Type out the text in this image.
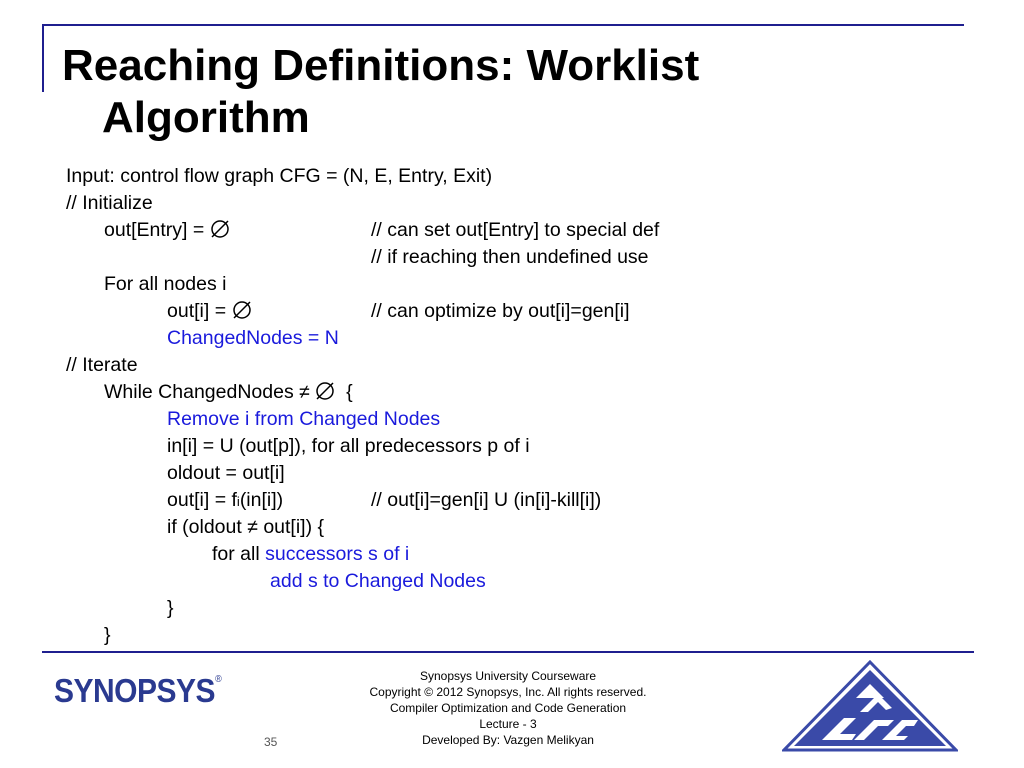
Reaching Definitions: Worklist
Algorithm
Input: control flow graph CFG = (N, E, Entry, Exit)
// Initialize
out[Entry] =	// can set out[Entry] to special def
// if reaching then undefined use
For all nodes i
out[i] =	// can optimize by out[i]=gen[i]
ChangedNodes = N
// Iterate
While ChangedNodes ≠
{
Remove i from Changed Nodes
in[i] = U (out[p]), for all predecessors p of i
oldout = out[i]
out[i] = fi(in[i])	// out[i]=gen[i] U (in[i]-kill[i])
if (oldout ≠ out[i]) {
for all successors s of i
add s to Changed Nodes
}
}
SYNOPSYS®	Synopsys University Courseware
Copyright © 2012 Synopsys, Inc. All rights reserved.
Compiler Optimization and Code Generation
Lecture - 3
Developed By: Vazgen Melikyan
35
